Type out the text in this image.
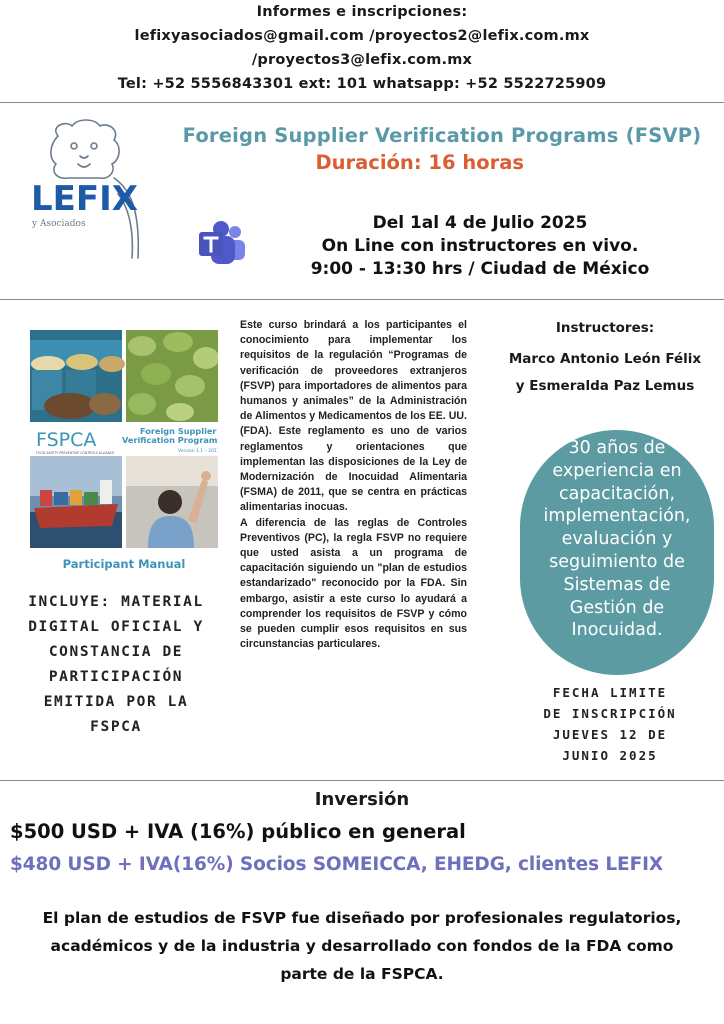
Informes e inscripciones:
lefixyasociados@gmail.com /proyectos2@lefix.com.mx
/proyectos3@lefix.com.mx
Tel: +52 5556843301 ext: 101 whatsapp: +52 5522725909
LEFIX
y Asociados
Foreign Supplier Verification Programs (FSVP)
Duración: 16 horas
Del 1al 4 de Julio 2025
On Line con instructores en vivo.
9:00 - 13:30 hrs / Ciudad de México
FSPCA
FOOD SAFETY PREVENTIVE CONTROLS ALLIANCE
Foreign Supplier
Verification Programs
Version 1.1 – 2017
Participant Manual
INCLUYE: MATERIAL
DIGITAL OFICIAL Y
CONSTANCIA DE
PARTICIPACIÓN
EMITIDA POR LA
FSPCA

Este curso brindará a los participantes el conocimiento para implementar los requisitos de la regulación “Programas de verificación de proveedores extranjeros (FSVP) para importadores de alimentos para humanos y animales” de la Administración de Alimentos y Medicamentos de los EE. UU. (FDA). Este reglamento es uno de varios reglamentos y orientaciones que implementan las disposiciones de la Ley de Modernización de Inocuidad Alimentaria (FSMA) de 2011, que se centra en prácticas alimentarias inocuas.

A diferencia de las reglas de Controles Preventivos (PC), la regla FSVP no requiere que usted asista a un programa de capacitación siguiendo un "plan de estudios estandarizado" reconocido por la FDA. Sin embargo, asistir a este curso lo ayudará a comprender los requisitos de FSVP y cómo se pueden cumplir esos requisitos en sus circunstancias particulares.

Instructores:
Marco Antonio León Félix
y Esmeralda Paz Lemus
30 años de
experiencia en
capacitación,
implementación,
evaluación y
seguimiento de
Sistemas de
Gestión de
Inocuidad.
FECHA LIMITE
DE INSCRIPCIÓN
JUEVES 12 DE
JUNIO 2025
Inversión
$500 USD + IVA (16%) público en general
$480 USD + IVA(16%) Socios SOMEICCA, EHEDG, clientes LEFIX
El plan de estudios de FSVP fue diseñado por profesionales regulatorios,
académicos y de la industria y desarrollado con fondos de la FDA como
parte de la FSPCA.
